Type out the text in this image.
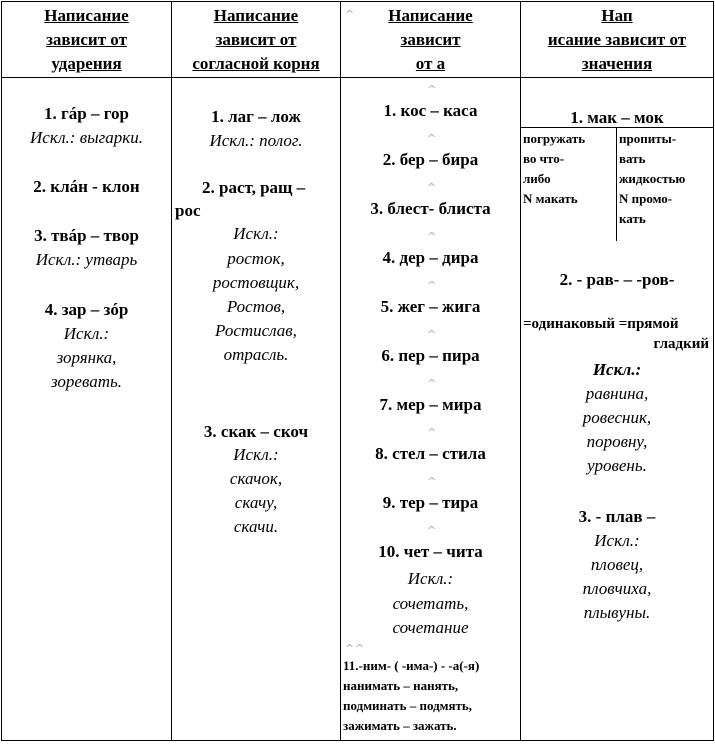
Написание
зависит от
ударения
1. гáр – гор
Искл.: выгарки.
2. клáн - клон
3. твáр – твор
Искл.: утварь
4. зар – зóр
Искл.:
зорянка,
зоревать.
Написание
зависит от
согласной корня
1. лаг – лож
Искл.: полог.
2. раст, ращ –
рос
Искл.:
росток,
ростовщик,
Ростов,
Ростислав,
отрасль.
3. скак – скоч
Искл.:
скачок,
скачу,
скачи.
Написание
зависит
от а
^
^
1. кос – каса
^
2. бер – бира
^
3. блест- блиста
^
4. дер – дира
^
5. жег – жига
^
6. пер – пира
^
7. мер – мира
^
8. стел – стила
^
9. тер – тира
^
10. чет – чита
Искл.:
сочетать,
сочетание
^ ^
11.-ним- ( -има-) - -а(-я)
нанимать – нанять,
подминать – подмять,
зажимать – зажать.
Нап
исание зависит от
значения
1. мак – мок
погружать
во что-
либо
N макать
пропиты-
вать
жидкостью
N промо-
кать
2. - рав- – -ров-
=одинаковый =прямой
гладкий
Искл.:
равнина,
ровесник,
поровну,
уровень.
3. - плав –
Искл.:
пловец,
пловчиха,
плывуны.
